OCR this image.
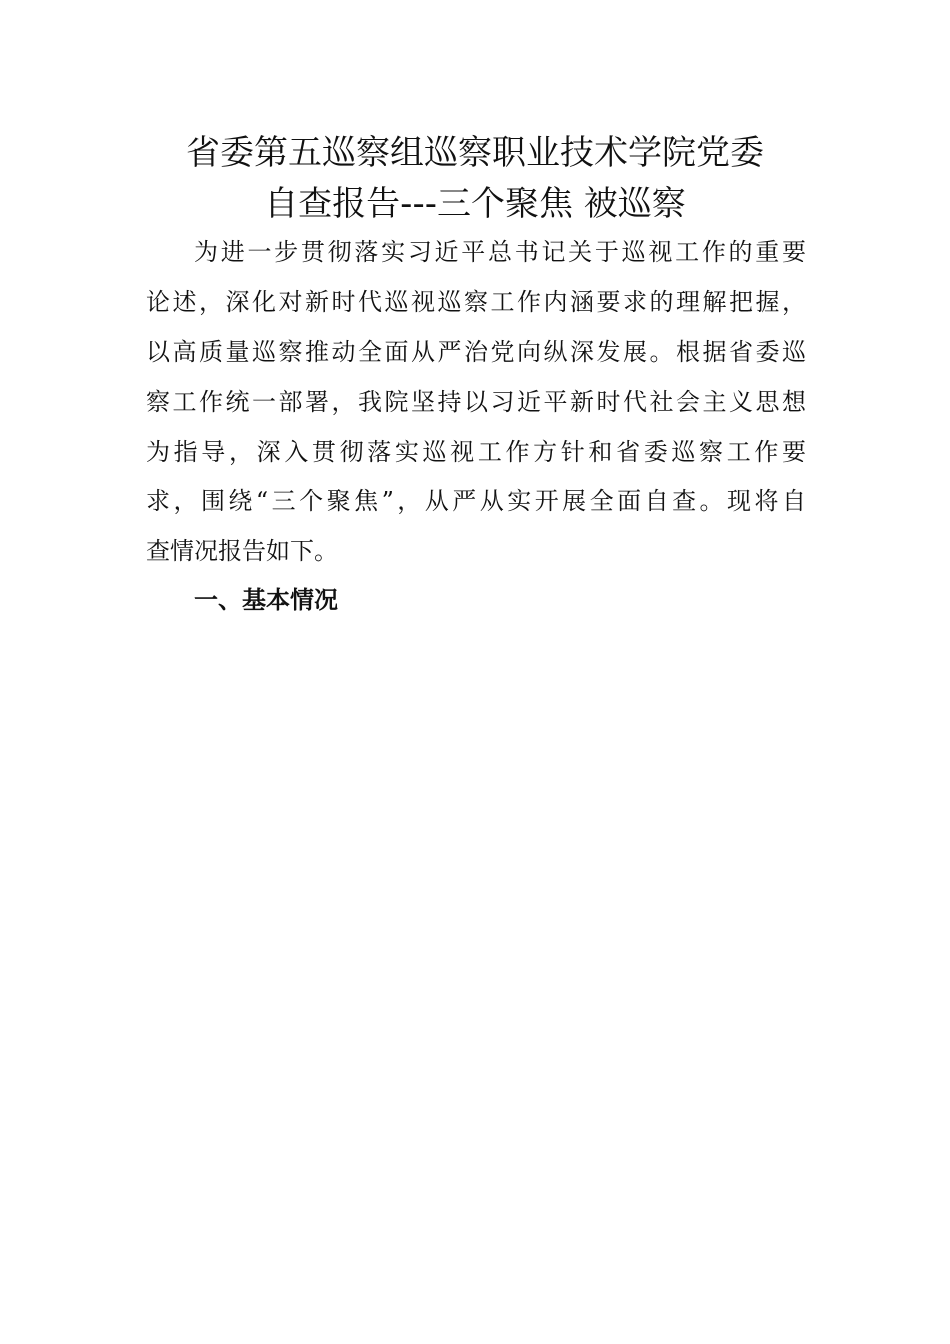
省委第五巡察组巡察职业技术学院党委
自查报告---三个聚焦 被巡察
为进一步贯彻落实习近平总书记关于巡视工作的重要
论述，深化对新时代巡视巡察工作内涵要求的理解把握，
以高质量巡察推动全面从严治党向纵深发展。根据省委巡
察工作统一部署，我院坚持以习近平新时代社会主义思想
为指导，深入贯彻落实巡视工作方针和省委巡察工作要
求，围绕“三个聚焦”，从严从实开展全面自查。现将自
查情况报告如下。
一、基本情况
